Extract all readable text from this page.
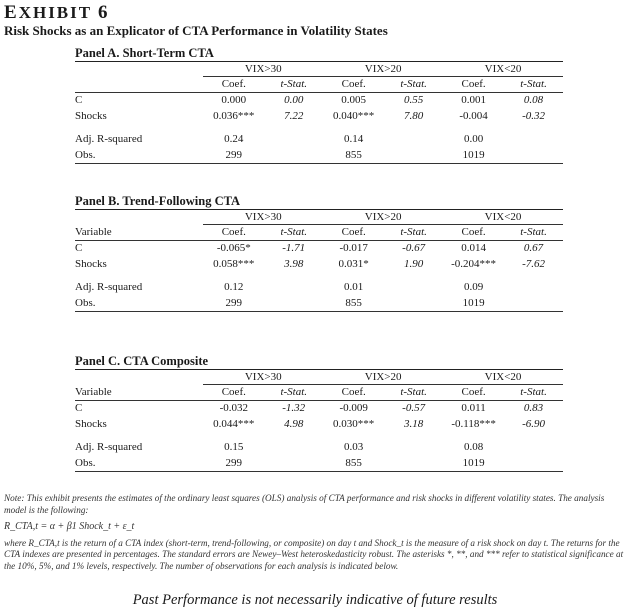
EXHIBIT 6
Risk Shocks as an Explicator of CTA Performance in Volatility States
Panel A. Short-Term CTA
	VIX>30		VIX>20		VIX<20	
	Coef.	t-Stat.	Coef.	t-Stat.	Coef.	t-Stat.
C	0.000	0.00	0.005	0.55	0.001	0.08
Shocks	0.036***	7.22	0.040***	7.80	-0.004	-0.32

Adj. R-squared	0.24		0.14		0.00	
Obs.	299		855		1019	
Panel B. Trend-Following CTA
	VIX>30		VIX>20		VIX<20	
Variable	Coef.	t-Stat.	Coef.	t-Stat.	Coef.	t-Stat.
C	-0.065*	-1.71	-0.017	-0.67	0.014	0.67
Shocks	0.058***	3.98	0.031*	1.90	-0.204***	-7.62

Adj. R-squared	0.12		0.01		0.09	
Obs.	299		855		1019	
Panel C. CTA Composite
	VIX>30		VIX>20		VIX<20	
Variable	Coef.	t-Stat.	Coef.	t-Stat.	Coef.	t-Stat.
C	-0.032	-1.32	-0.009	-0.57	0.011	0.83
Shocks	0.044***	4.98	0.030***	3.18	-0.118***	-6.90

Adj. R-squared	0.15		0.03		0.08	
Obs.	299		855		1019	

Note: This exhibit presents the estimates of the ordinary least squares (OLS) analysis of CTA performance and risk shocks in different volatility states. The analysis model is the following:

R_CTA,t = α + β1 Shock_t + ε_t

where R_CTA,t is the return of a CTA index (short-term, trend-following, or composite) on day t and Shock_t is the measure of a risk shock on day t. The returns for the CTA indexes are presented in percentages. The standard errors are Newey–West heteroskedasticity robust. The asterisks *, **, and *** refer to statistical significance at the 10%, 5%, and 1% levels, respectively. The number of observations for each analysis is indicated below.

Past Performance is not necessarily indicative of future results
